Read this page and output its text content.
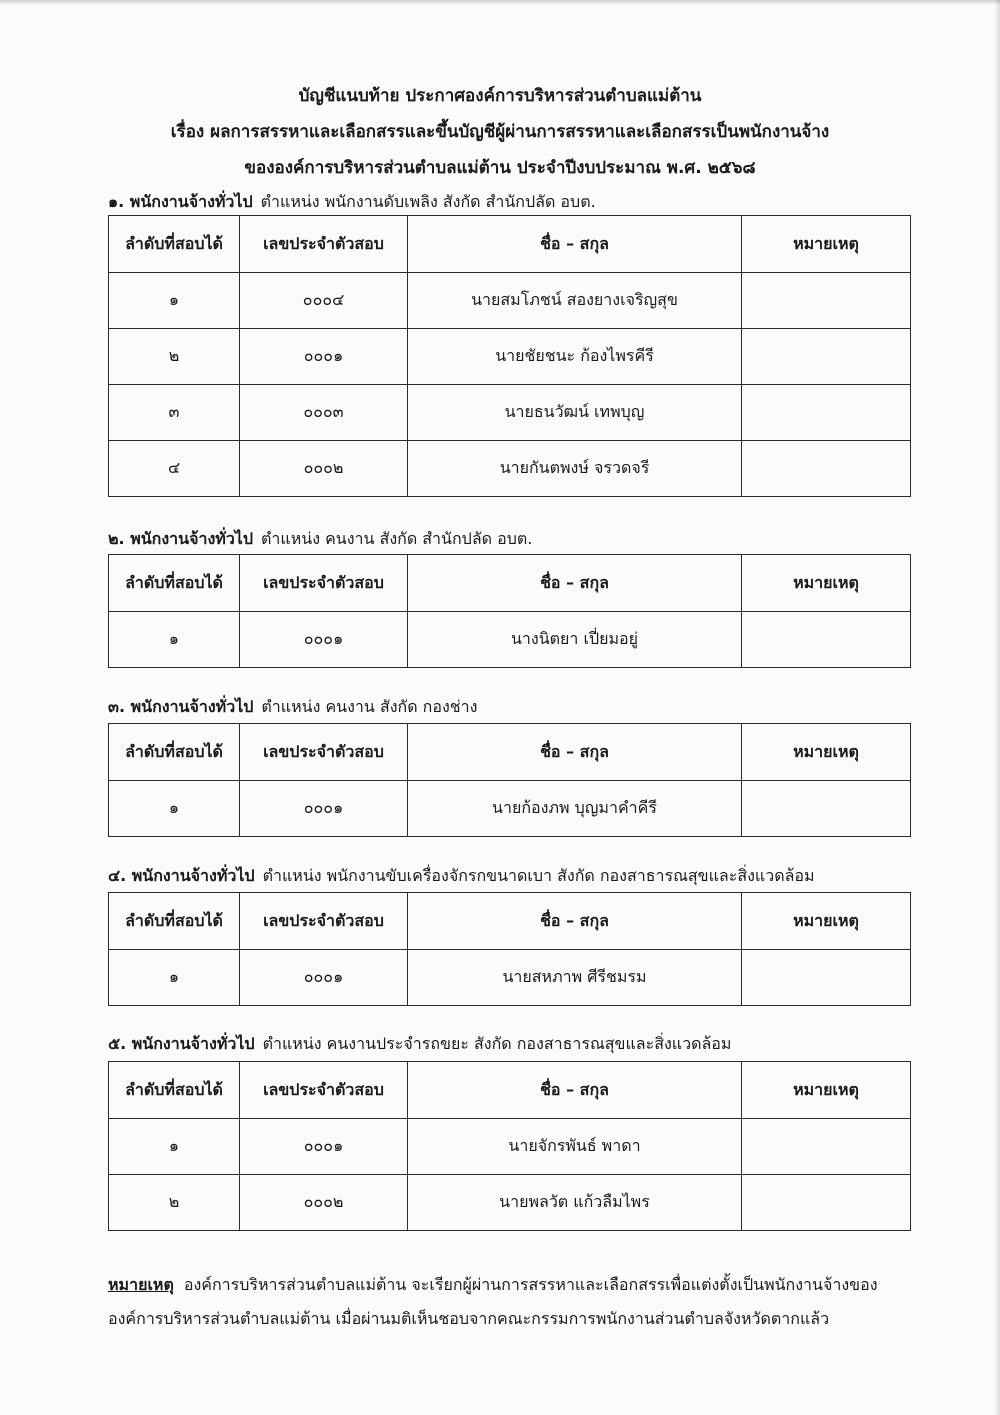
บัญชีแนบท้าย ประกาศองค์การบริหารส่วนตำบลแม่ต้าน
เรื่อง ผลการสรรหาและเลือกสรรและขึ้นบัญชีผู้ผ่านการสรรหาและเลือกสรรเป็นพนักงานจ้าง
ขององค์การบริหารส่วนตำบลแม่ต้าน ประจำปีงบประมาณ พ.ศ. ๒๕๖๘
๑. พนักงานจ้างทั่วไป ตำแหน่ง พนักงานดับเพลิง สังกัด สำนักปลัด อบต.
ลำดับที่สอบได้	เลขประจำตัวสอบ	ชื่อ – สกุล	หมายเหตุ
๑	๐๐๐๔	นายสมโภชน์ สองยางเจริญสุข	
๒	๐๐๐๑	นายชัยชนะ ก้องไพรคีรี	
๓	๐๐๐๓	นายธนวัฒน์ เทพบุญ	
๔	๐๐๐๒	นายกันตพงษ์ จรวดจรี	
๒. พนักงานจ้างทั่วไป ตำแหน่ง คนงาน สังกัด สำนักปลัด อบต.
ลำดับที่สอบได้	เลขประจำตัวสอบ	ชื่อ – สกุล	หมายเหตุ
๑	๐๐๐๑	นางนิตยา เปี่ยมอยู่	
๓. พนักงานจ้างทั่วไป ตำแหน่ง คนงาน สังกัด กองช่าง
ลำดับที่สอบได้	เลขประจำตัวสอบ	ชื่อ – สกุล	หมายเหตุ
๑	๐๐๐๑	นายก้องภพ บุญมาคำคีรี	
๔. พนักงานจ้างทั่วไป ตำแหน่ง พนักงานขับเครื่องจักรกขนาดเบา สังกัด กองสาธารณสุขและสิ่งแวดล้อม
ลำดับที่สอบได้	เลขประจำตัวสอบ	ชื่อ – สกุล	หมายเหตุ
๑	๐๐๐๑	นายสหภาพ ศีรีชมรม	
๕. พนักงานจ้างทั่วไป ตำแหน่ง คนงานประจำรถขยะ สังกัด กองสาธารณสุขและสิ่งแวดล้อม
ลำดับที่สอบได้	เลขประจำตัวสอบ	ชื่อ – สกุล	หมายเหตุ
๑	๐๐๐๑	นายจักรพันธ์ พาดา	
๒	๐๐๐๒	นายพลวัต แก้วลืมไพร	
หมายเหตุ องค์การบริหารส่วนตำบลแม่ต้าน จะเรียกผู้ผ่านการสรรหาและเลือกสรรเพื่อแต่งตั้งเป็นพนักงานจ้างของ
องค์การบริหารส่วนตำบลแม่ต้าน เมื่อผ่านมติเห็นชอบจากคณะกรรมการพนักงานส่วนตำบลจังหวัดตากแล้ว
